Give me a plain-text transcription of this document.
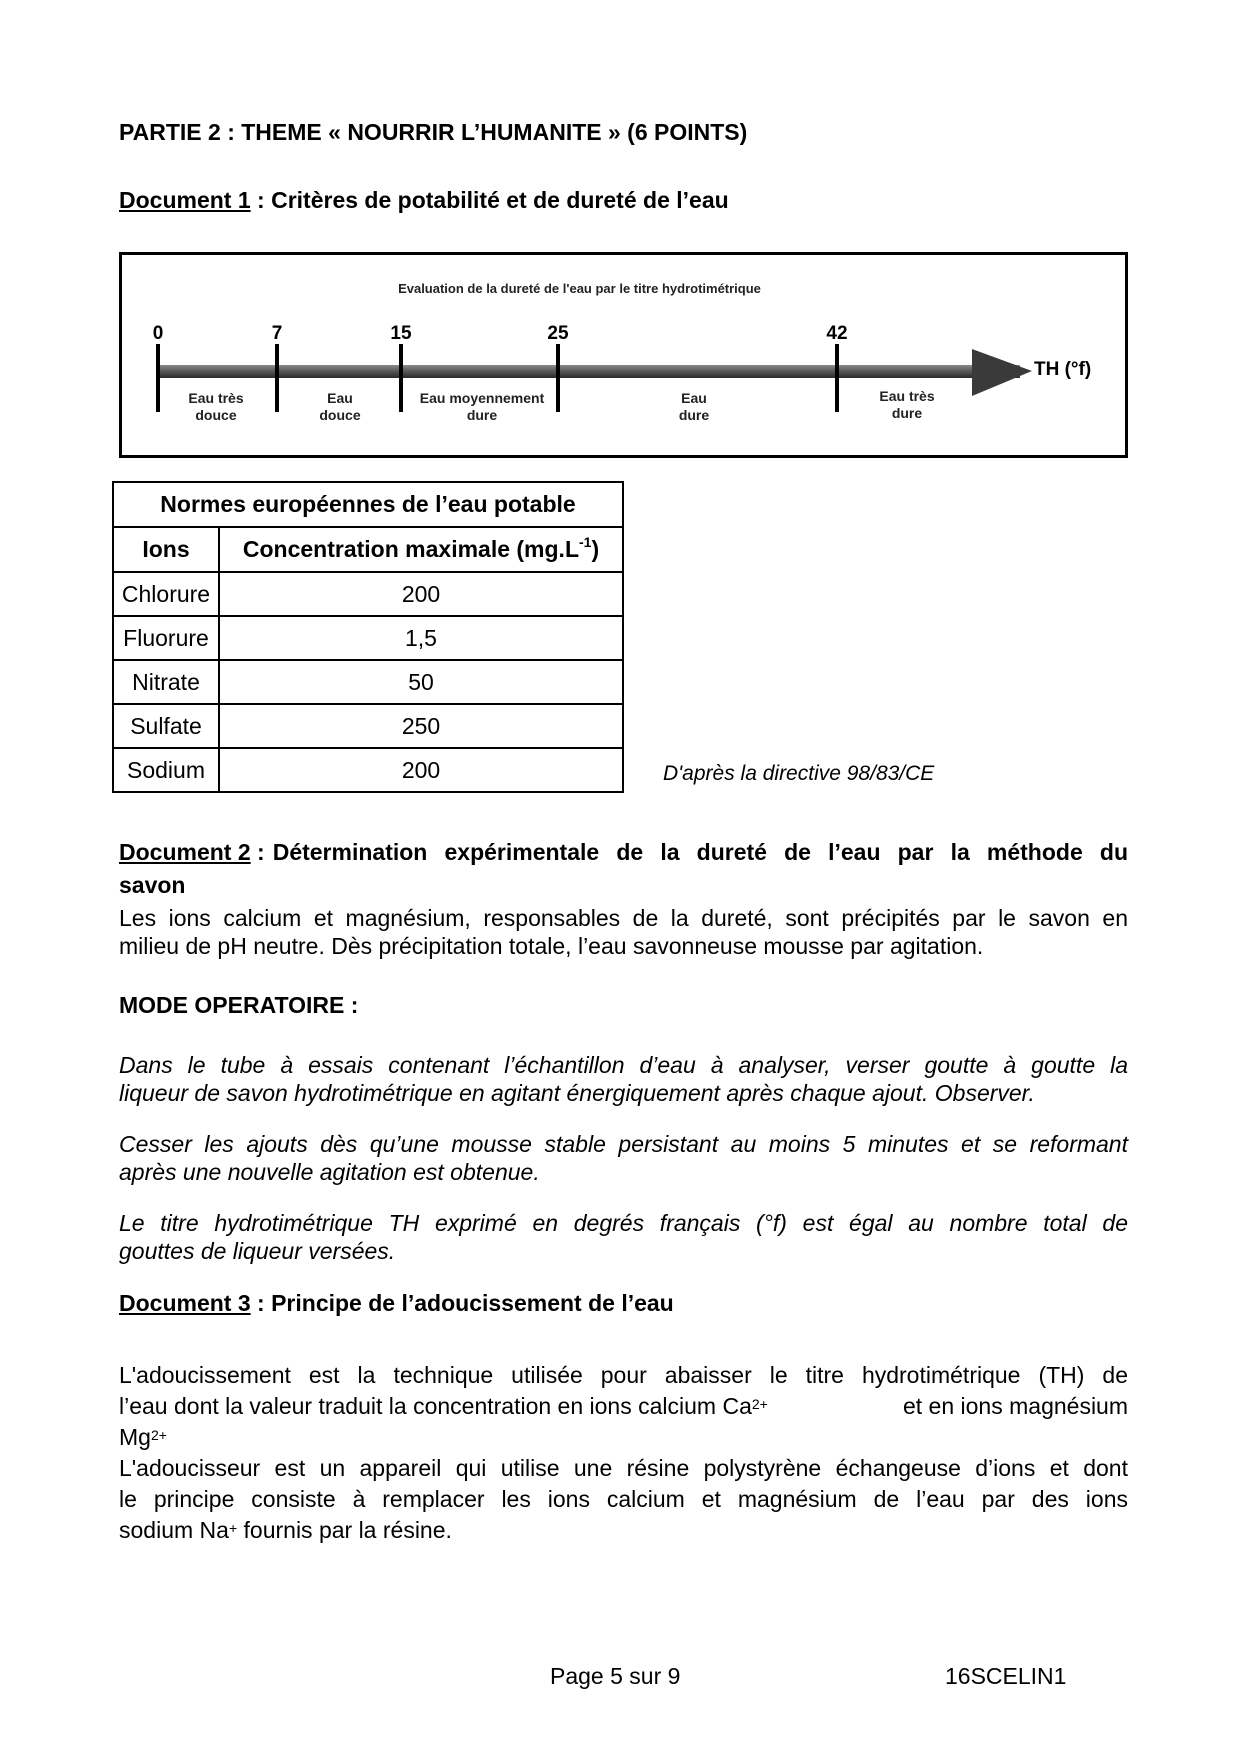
PARTIE 2 : THEME « NOURRIR L’HUMANITE » (6 POINTS)
Document 1 : Critères de potabilité et de dureté de l’eau
Evaluation de la dureté de l'eau par le titre hydrotimétrique
0	7	15	25	42
TH (°f)
Eau très
douce
Eau
douce
Eau moyennement
dure
Eau
dure
Eau très
dure
Normes européennes de l’eau potable	
Ions	Concentration maximale $(mg.L^{-1})$
Chlorure	200
Fluorure	1,5
Nitrate	50
Sulfate	250
Sodium	200	D'après la directive 98/83/CE
Document 2 : Détermination expérimentale de la dureté de l’eau par la méthode du
savon
Les ions calcium et magnésium, responsables de la dureté, sont précipités par le savon en
milieu de pH neutre. Dès précipitation totale, l’eau savonneuse mousse par agitation.
MODE OPERATOIRE :
Dans le tube à essais contenant l’échantillon d’eau à analyser, verser goutte à goutte la
liqueur de savon hydrotimétrique en agitant énergiquement après chaque ajout. Observer.
Cesser les ajouts dès qu’une mousse stable persistant au moins 5 minutes et se reformant
après une nouvelle agitation est obtenue.
Le titre hydrotimétrique TH exprimé en degrés français (°f) est égal au nombre total de
gouttes de liqueur versées.
Document 3 : Principe de l’adoucissement de l’eau
L'adoucissement est la technique utilisée pour abaisser le titre hydrotimétrique (TH) de
l’eau dont la valeur traduit la concentration en ions calcium $Ca^{2+}$	et en ions magnésium
$Mg^{2+}$
L'adoucisseur est un appareil qui utilise une résine polystyrène échangeuse d’ions et dont
le principe consiste à remplacer les ions calcium et magnésium de l’eau par des ions
sodium Na+ fournis par la résine.
Page 5 sur 9	16SCELIN1
